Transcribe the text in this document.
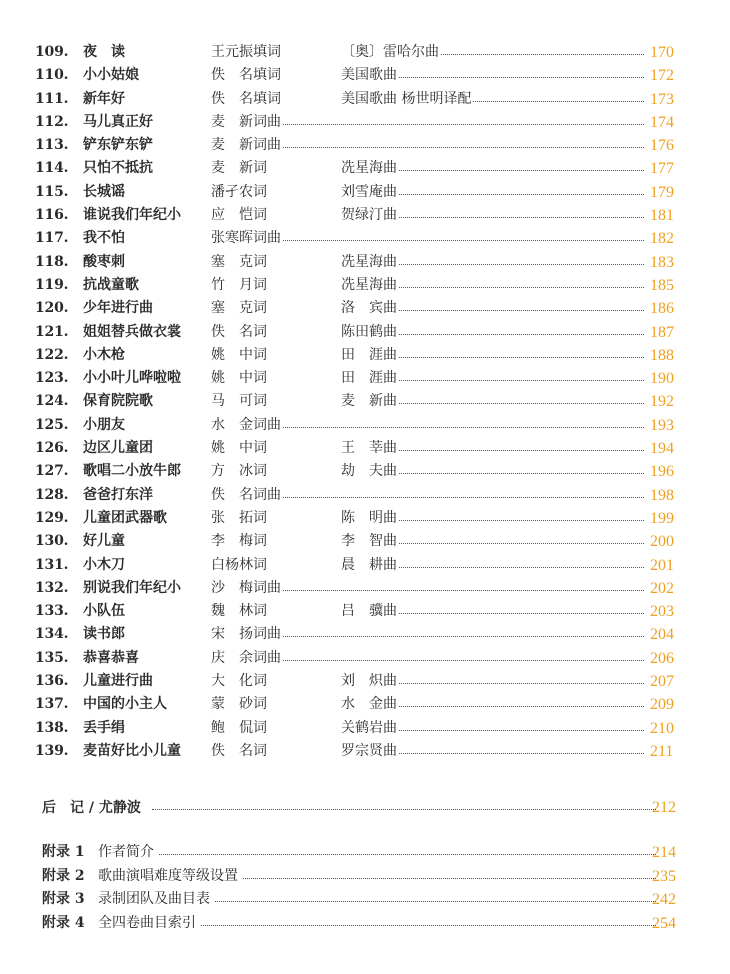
109. 夜　读	王元振填词	〔奥〕雷哈尔曲	170
110. 小小姑娘	佚　名填词	美国歌曲	172
111. 新年好	佚　名填词	美国歌曲 杨世明译配	173
112. 马儿真正好	麦　新词曲	174
113. 铲东铲东铲	麦　新词曲	176
114. 只怕不抵抗	麦　新词	冼星海曲	177
115. 长城谣	潘孑农词	刘雪庵曲	179
116. 谁说我们年纪小 应　恺词	贺绿汀曲	181
117. 我不怕	张寒晖词曲	182
118. 酸枣刺	塞　克词	冼星海曲	183
119. 抗战童歌	竹　月词	冼星海曲	185
120. 少年进行曲	塞　克词	洛　宾曲	186
121. 姐姐替兵做衣裳 佚　名词	陈田鹤曲	187
122. 小木枪	姚　中词	田　涯曲	188
123. 小小叶儿哗啦啦 姚　中词	田　涯曲	190
124. 保育院院歌	马　可词	麦　新曲	192
125. 小朋友	水　金词曲	193
126. 边区儿童团	姚　中词	王　莘曲	194
127. 歌唱二小放牛郎 方　冰词	劫　夫曲	196
128. 爸爸打东洋	佚　名词曲	198
129. 儿童团武器歌	张　拓词	陈　明曲	199
130. 好儿童	李　梅词	李　智曲	200
131. 小木刀	白杨林词	晨　耕曲	201
132. 别说我们年纪小 沙　梅词曲	202
133. 小队伍	魏　林词	吕　骥曲	203
134. 读书郎	宋　扬词曲	204
135. 恭喜恭喜	庆　余词曲	206
136. 儿童进行曲	大　化词	刘　炽曲	207
137. 中国的小主人	蒙　砂词	水　金曲	209
138. 丢手绢	鲍　侃词	关鹤岩曲	210
139. 麦苗好比小儿童 佚　名词	罗宗贤曲	211
后　记 / 尤静波	212
附录 1 作者简介	214
附录 2 歌曲演唱难度等级设置	235
附录 3 录制团队及曲目表	242
附录 4 全四卷曲目索引	254
